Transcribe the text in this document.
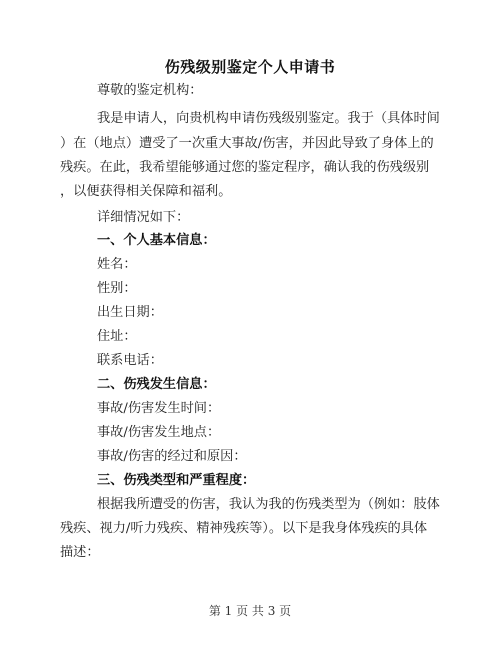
伤残级别鉴定个人申请书
尊敬的鉴定机构：
我是申请人，向贵机构申请伤残级别鉴定。我于（具体时间
）在（地点）遭受了一次重大事故/伤害，并因此导致了身体上的
残疾。在此，我希望能够通过您的鉴定程序，确认我的伤残级别
，以便获得相关保障和福利。
详细情况如下：
一、个人基本信息：
姓名：
性别：
出生日期：
住址：
联系电话：
二、伤残发生信息：
事故/伤害发生时间：
事故/伤害发生地点：
事故/伤害的经过和原因：
三、伤残类型和严重程度：
根据我所遭受的伤害，我认为我的伤残类型为（例如：肢体
残疾、视力/听力残疾、精神残疾等）。以下是我身体残疾的具体
描述：
第 1 页 共 3 页
